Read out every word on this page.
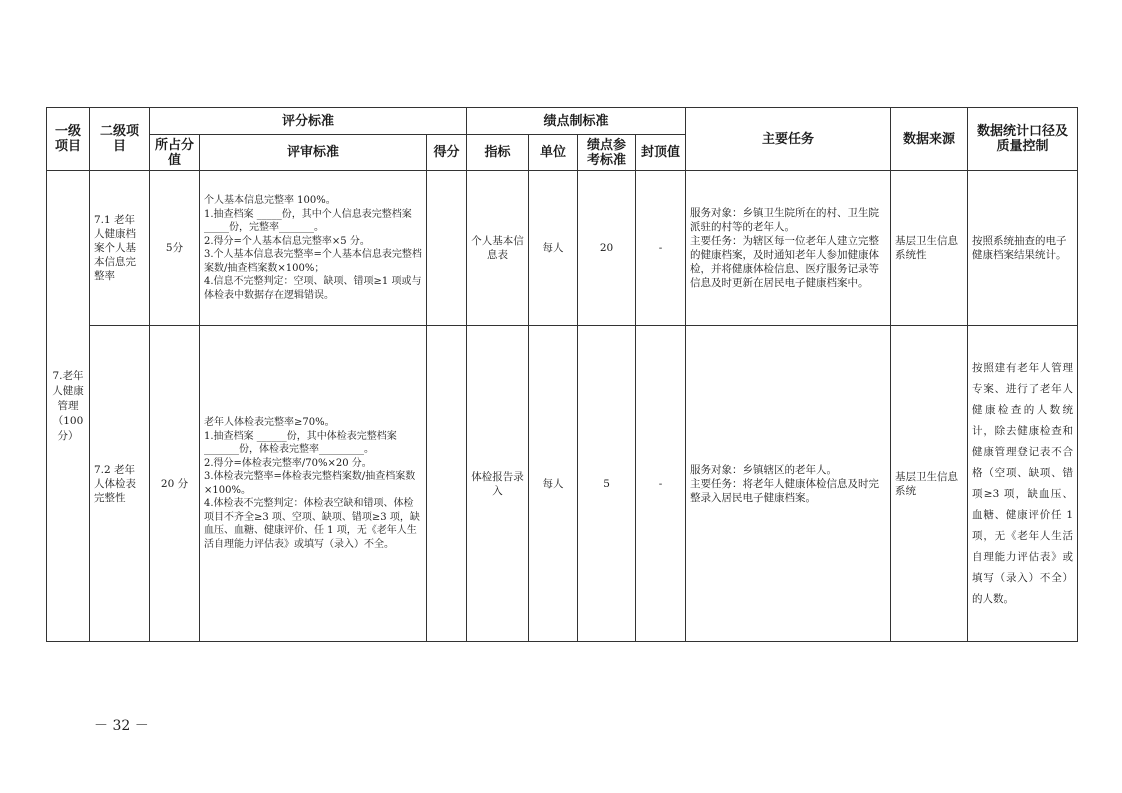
一级项目	二级项目	评分标准			绩点制标准				主要任务	数据来源	数据统计口径及质量控制
		所占分值	评审标准	得分	指标	单位	绩点参考标准	封顶值			
7.老年人健康管理（100分）	7.1 老年人健康档案个人基本信息完整率	5分	个人基本信息完整率 100%。
1.抽查档案 _____份，其中个人信息表完整档案 _____份，完整率_______。
2.得分=个人基本信息完整率×5 分。
3.个人基本信息表完整率=个人基本信息表完整档案数/抽查档案数×100%；
4.信息不完整判定：空项、缺项、错项≥1 项或与体检表中数据存在逻辑错误。		个人基本信息表	每人	20	-	服务对象：乡镇卫生院所在的村、卫生院派驻的村等的老年人。
主要任务：为辖区每一位老年人建立完整的健康档案，及时通知老年人参加健康体检，并将健康体检信息、医疗服务记录等信息及时更新在居民电子健康档案中。	基层卫生信息系统性	按照系统抽查的电子健康档案结果统计。
	7.2 老年人体检表完整性	20 分	老年人体检表完整率≥70%。
1.抽查档案 ______份，其中体检表完整档案_______份，体检表完整率_________。
2.得分=体检表完整率/70%×20 分。
3.体检表完整率=体检表完整档案数/抽查档案数×100%。
4.体检表不完整判定：体检表空缺和错项、体检项目不齐全≥3 项、空项、缺项、错项≥3 项，缺血压、血糖、健康评价、任 1 项，无《老年人生活自理能力评估表》或填写（录入）不全。		体检报告录入	每人	5	-	服务对象：乡镇辖区的老年人。
主要任务：将老年人健康体检信息及时完整录入居民电子健康档案。	基层卫生信息系统	按照建有老年人管理专案、进行了老年人健康检查的人数统计，除去健康检查和健康管理登记表不合格（空项、缺项、错项≥3 项，缺血压、血糖、健康评价任 1 项，无《老年人生活自理能力评估表》或填写（录入）不全）的人数。
－ 32 －
